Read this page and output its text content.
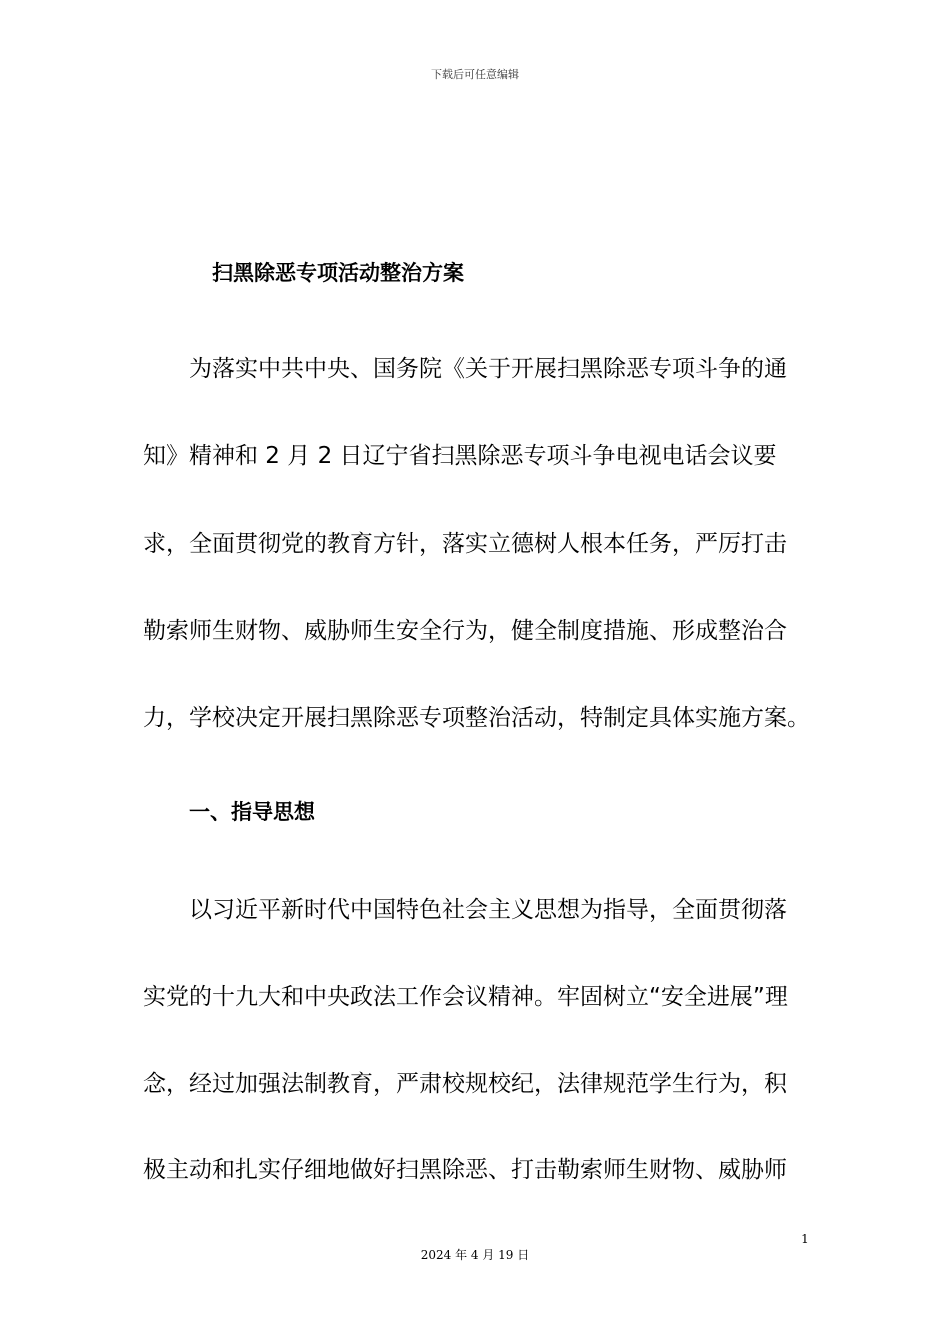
下载后可任意编辑
扫黑除恶专项活动整治方案
为落实中共中央、国务院《关于开展扫黑除恶专项斗争的通
知》精神和 2 月 2 日辽宁省扫黑除恶专项斗争电视电话会议要
求，全面贯彻党的教育方针，落实立德树人根本任务，严厉打击
勒索师生财物、威胁师生安全行为，健全制度措施、形成整治合
力，学校决定开展扫黑除恶专项整治活动，特制定具体实施方案。
一、指导思想
以习近平新时代中国特色社会主义思想为指导，全面贯彻落
实党的十九大和中央政法工作会议精神。牢固树立“安全进展”理
念，经过加强法制教育，严肃校规校纪，法律规范学生行为，积
极主动和扎实仔细地做好扫黑除恶、打击勒索师生财物、威胁师
1
2024 年 4 月 19 日
